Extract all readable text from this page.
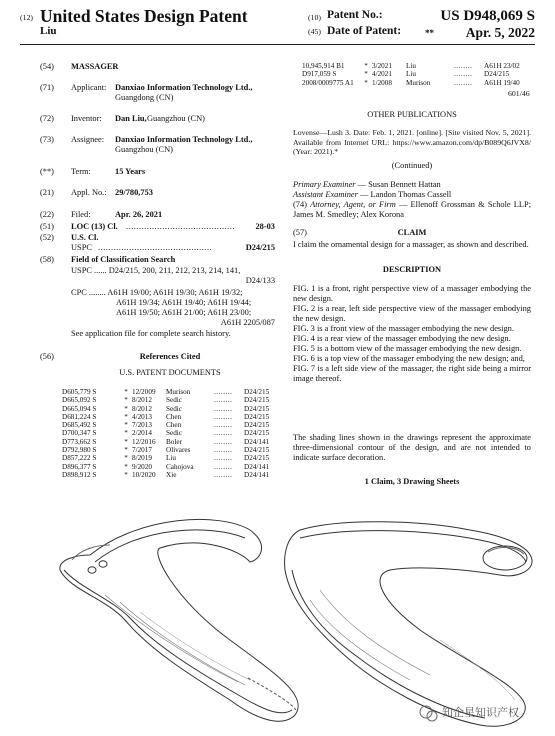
(12) United States Design Patent	(10) Patent No.:	US D948,069 S
Liu	(45) Date of Patent:	** Apr. 5, 2022
(54) MASSAGER
(71) Applicant: Danxiao Information Technology Ltd.,
Guangdong (CN)
(72) Inventor: Dan Liu, Guangzhou (CN)
(73) Assignee: Danxiao Information Technology Ltd.,
Guangzhou (CN)
(**) Term:	15 Years
(21) Appl. No.: 29/780,753
(22) Filed:	Apr. 26, 2021
(51) LOC (13) Cl. .......................................... 28-03
(52) U.S. Cl.
USPC ............................................	D24/215
(58) Field of Classification Search
USPC ...... D24/215, 200, 211, 212, 213, 214, 141,
D24/133
CPC ........ A61H 19/00; A61H 19/30; A61H 19/32;
A61H 19/34; A61H 19/40; A61H 19/44;
A61H 19/50; A61H 21/00; A61H 23/00;
A61H 2205/087
See application file for complete search history.
(56)	References Cited
U.S. PATENT DOCUMENTS
D605,779 S	*	12/2009	Murison	........	D24/215
D665,092 S	*	8/2012	Sedic	........	D24/215
D665,094 S	*	8/2012	Sedic	........	D24/215
D681,224 S	*	4/2013	Chen	........	D24/215
D685,492 S	*	7/2013	Chen	........	D24/215
D700,347 S	*	2/2014	Sedic	........	D24/215
D773,662 S	*	12/2016	Boler	........	D24/141
D792,980 S	*	7/2017	Olivares	........	D24/215
D857,222 S	*	8/2019	Liu	........	D24/215
D896,377 S	*	9/2020	Cahojova	........	D24/141
D898,912 S	*	10/2020	Xie	........	D24/141
10,945,914 B1	*	3/2021	Liu	........	A61H 23/02
D917,059 S	*	4/2021	Liu	........	D24/215
2008/0009775 A1	*	1/2008	Murison	........	A61H 19/40
601/46
OTHER PUBLICATIONS
Lovense—Lush 3. Date: Feb. 1, 2021. [online]. [Site visited Nov. 5, 2021]. Available from Internet URL: https://www.amazon.com/dp/B089Q6JVX8/ (Year: 2021).*
(Continued)
Primary Examiner — Susan Bennett Hattan
Assistant Examiner — Landon Thomas Cassell
(74) Attorney, Agent, or Firm — Ellenoff Grossman & Schole LLP; James M. Smedley; Alex Korona
(57)	CLAIM
I claim the ornamental design for a massager, as shown and described.
DESCRIPTION
FIG. 1 is a front, right perspective view of a massager embodying the new design.
FIG. 2 is a rear, left side perspective view of the massager embodying the new design.
FIG. 3 is a front view of the massager embodying the new design.
FIG. 4 is a rear view of the massager embodying the new design.
FIG. 5 is a bottom view of the massager embodying the new design.
FIG. 6 is a top view of the massager embodying the new design; and,
FIG. 7 is a left side view of the massager, the right side being a mirror image thereof.
The shading lines shown in the drawings represent the approximate three-dimensional contour of the design, and are not intended to indicate surface decoration.
1 Claim, 3 Drawing Sheets
知企星知识产权
